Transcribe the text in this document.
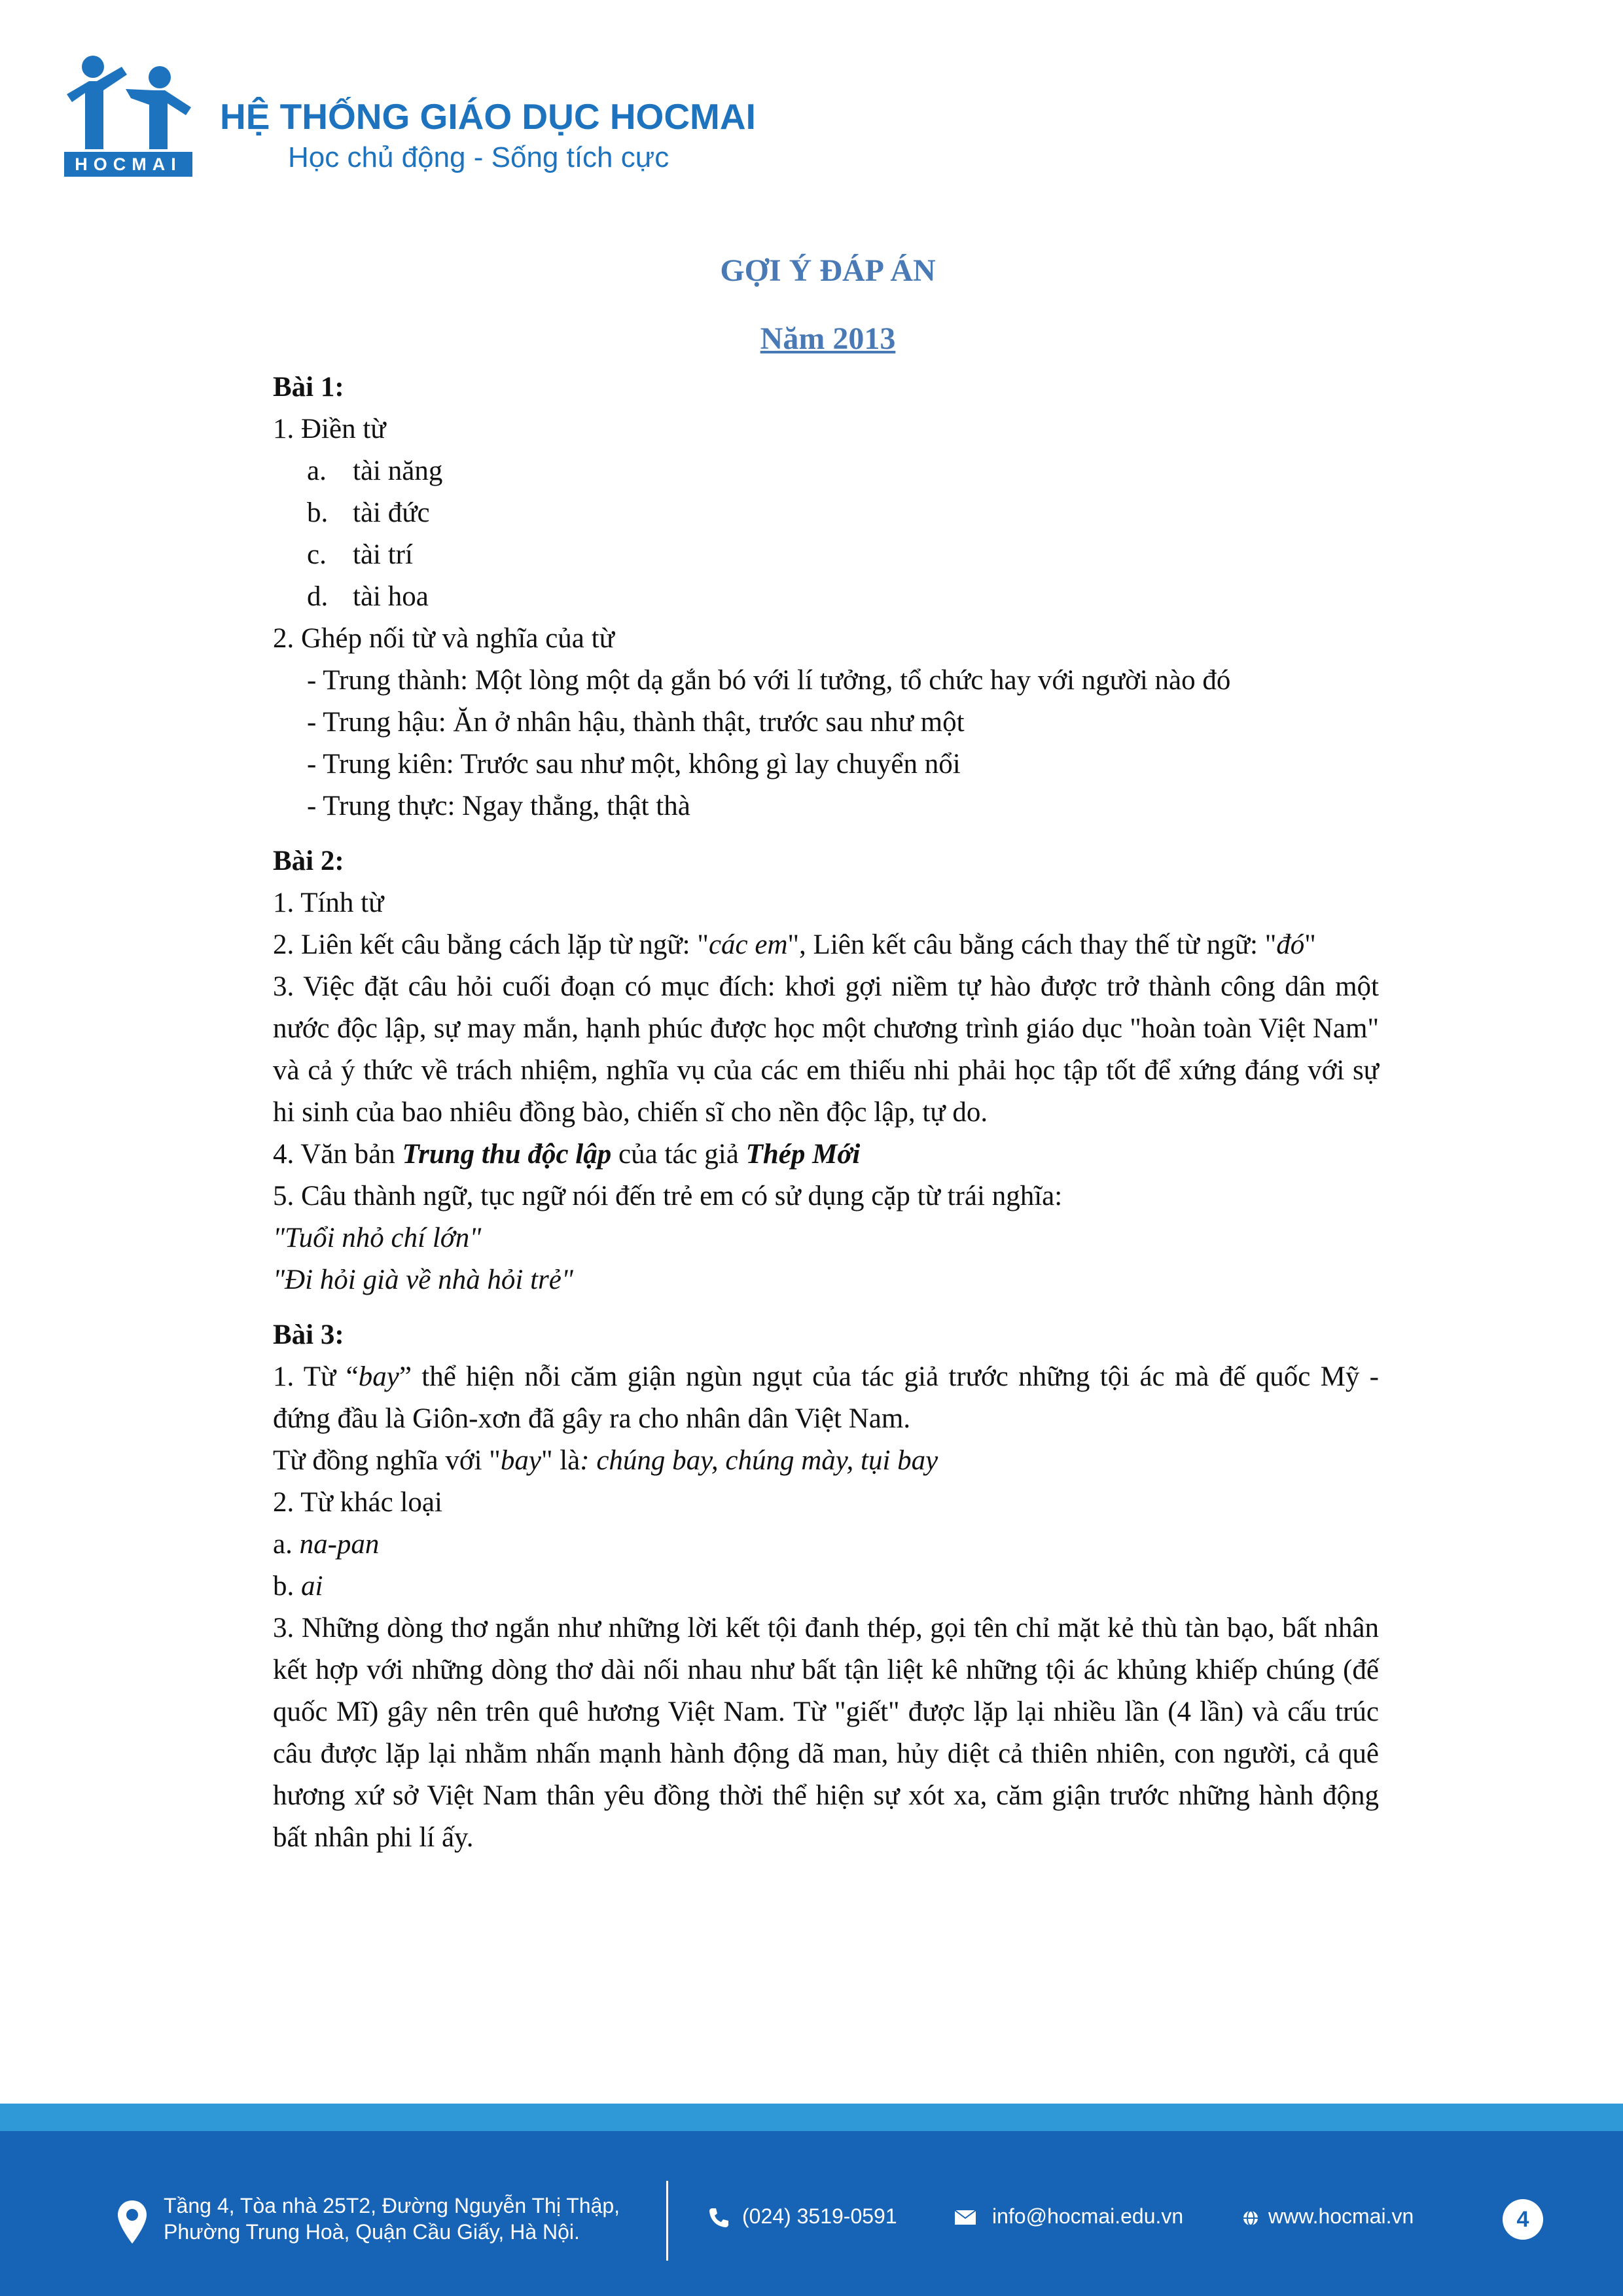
HOCMAI
HỆ THỐNG GIÁO DỤC HOCMAI
Học chủ động - Sống tích cực
GỢI Ý ĐÁP ÁN
Năm 2013

Bài 1:

1. Điền từ

a. tài năng

b. tài đức

c. tài trí

d. tài hoa

2. Ghép nối từ và nghĩa của từ

- Trung thành: Một lòng một dạ gắn bó với lí tưởng, tổ chức hay với người nào đó

- Trung hậu: Ăn ở nhân hậu, thành thật, trước sau như một

- Trung kiên: Trước sau như một, không gì lay chuyển nổi

- Trung thực: Ngay thẳng, thật thà

Bài 2:

1. Tính từ

2. Liên kết câu bằng cách lặp từ ngữ: "các em", Liên kết câu bằng cách thay thế từ ngữ: "đó"

3. Việc đặt câu hỏi cuối đoạn có mục đích: khơi gợi niềm tự hào được trở thành công dân một nước độc lập, sự may mắn, hạnh phúc được học một chương trình giáo dục "hoàn toàn Việt Nam" và cả ý thức về trách nhiệm, nghĩa vụ của các em thiếu nhi phải học tập tốt để xứng đáng với sự hi sinh của bao nhiêu đồng bào, chiến sĩ cho nền độc lập, tự do.

4. Văn bản Trung thu độc lập của tác giả Thép Mới

5. Câu thành ngữ, tục ngữ nói đến trẻ em có sử dụng cặp từ trái nghĩa:

"Tuổi nhỏ chí lớn"

"Đi hỏi già về nhà hỏi trẻ"

Bài 3:

1. Từ “bay” thể hiện nỗi căm giận ngùn ngụt của tác giả trước những tội ác mà đế quốc Mỹ - đứng đầu là Giôn-xơn đã gây ra cho nhân dân Việt Nam.

Từ đồng nghĩa với "bay" là: chúng bay, chúng mày, tụi bay

2. Từ khác loại

a. na-pan

b. ai

3. Những dòng thơ ngắn như những lời kết tội đanh thép, gọi tên chỉ mặt kẻ thù tàn bạo, bất nhân kết hợp với những dòng thơ dài nối nhau như bất tận liệt kê những tội ác khủng khiếp chúng (đế quốc Mĩ) gây nên trên quê hương Việt Nam. Từ "giết" được lặp lại nhiều lần (4 lần) và cấu trúc câu được lặp lại nhằm nhấn mạnh hành động dã man, hủy diệt cả thiên nhiên, con người, cả quê hương xứ sở Việt Nam thân yêu đồng thời thể hiện sự xót xa, căm giận trước những hành động bất nhân phi lí ấy.

Tầng 4, Tòa nhà 25T2, Đường Nguyễn Thị Thập,
Phường Trung Hoà, Quận Cầu Giấy, Hà Nội.
(024) 3519-0591	info@hocmai.edu.vn	www.hocmai.vn	4
